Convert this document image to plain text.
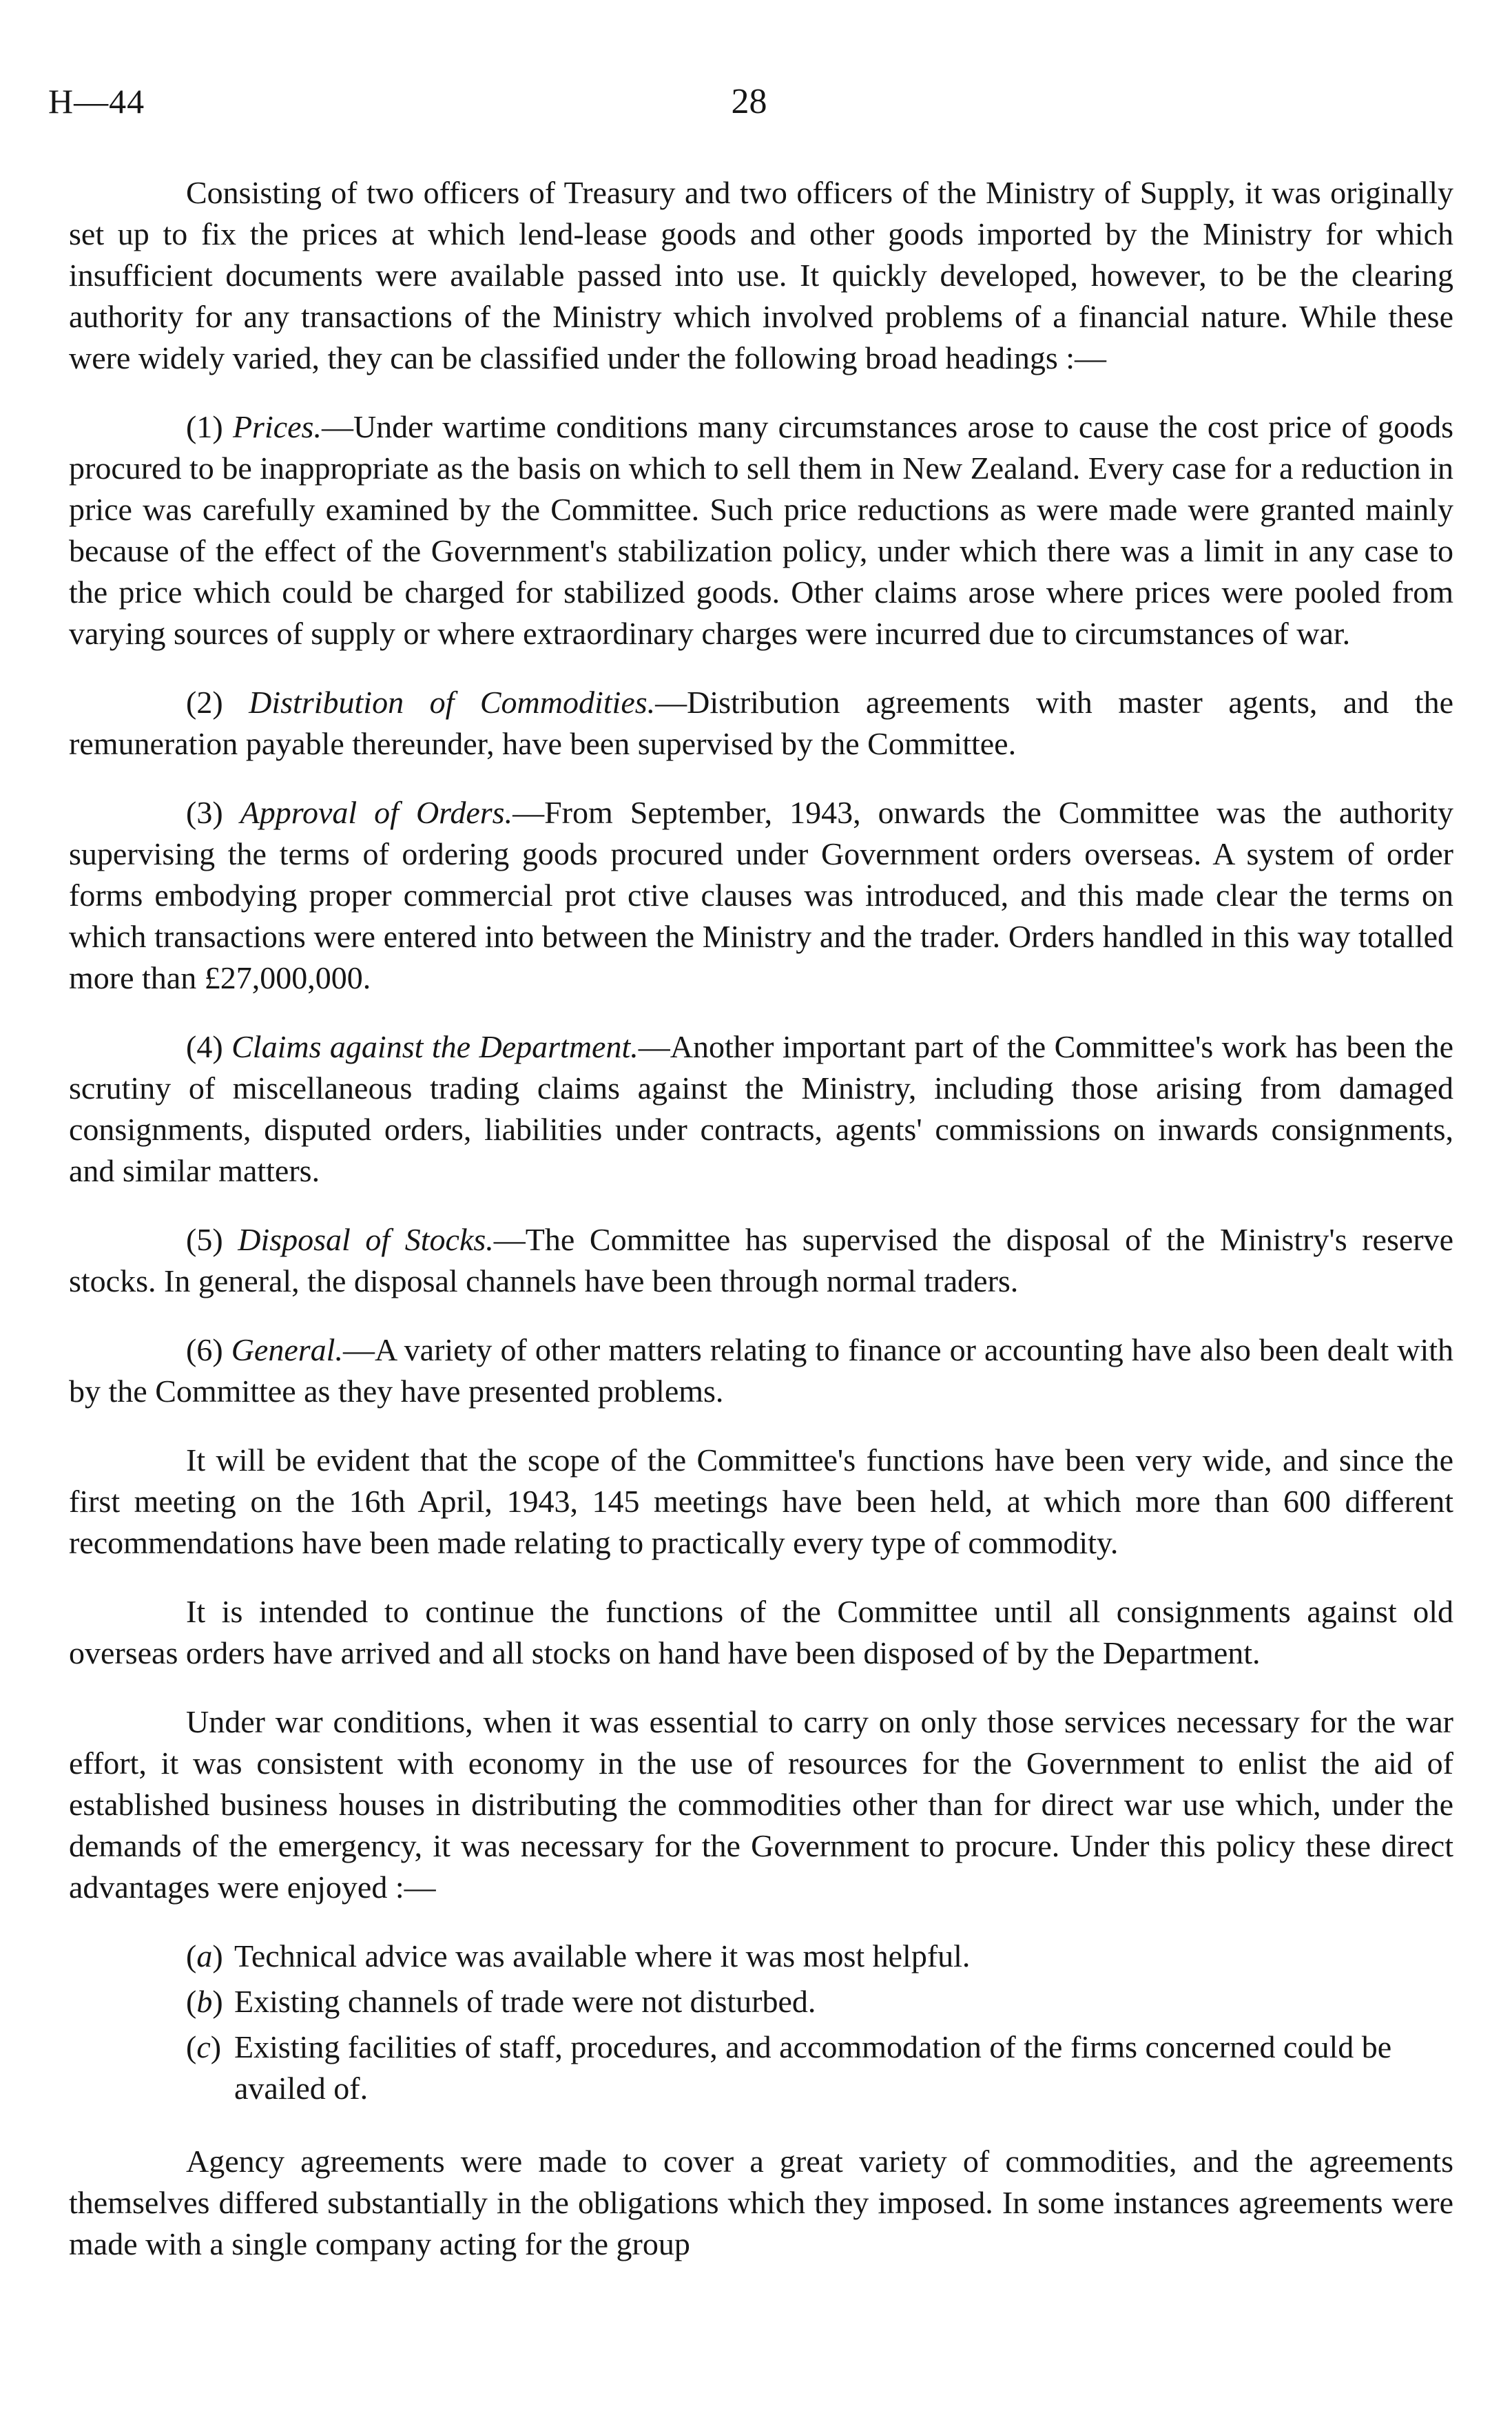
H—44	28

Consisting of two officers of Treasury and two officers of the Ministry of Supply, it was originally set up to fix the prices at which lend-lease goods and other goods imported by the Ministry for which insufficient documents were available passed into use. It quickly developed, however, to be the clearing authority for any transactions of the Ministry which involved problems of a financial nature. While these were widely varied, they can be classified under the following broad headings :—

(1) Prices.—Under wartime conditions many circumstances arose to cause the cost price of goods procured to be inappropriate as the basis on which to sell them in New Zealand. Every case for a reduction in price was carefully examined by the Committee. Such price reductions as were made were granted mainly because of the effect of the Government's stabilization policy, under which there was a limit in any case to the price which could be charged for stabilized goods. Other claims arose where prices were pooled from varying sources of supply or where extraordinary charges were incurred due to circumstances of war.

(2) Distribution of Commodities.—Distribution agreements with master agents, and the remuneration payable thereunder, have been supervised by the Committee.

(3) Approval of Orders.—From September, 1943, onwards the Committee was the authority supervising the terms of ordering goods procured under Government orders overseas. A system of order forms embodying proper commercial prot ctive clauses was introduced, and this made clear the terms on which transactions were entered into between the Ministry and the trader. Orders handled in this way totalled more than £27,000,000.

(4) Claims against the Department.—Another important part of the Committee's work has been the scrutiny of miscellaneous trading claims against the Ministry, including those arising from damaged consignments, disputed orders, liabilities under contracts, agents' commissions on inwards consignments, and similar matters.

(5) Disposal of Stocks.—The Committee has supervised the disposal of the Ministry's reserve stocks. In general, the disposal channels have been through normal traders.

(6) General.—A variety of other matters relating to finance or accounting have also been dealt with by the Committee as they have presented problems.

It will be evident that the scope of the Committee's functions have been very wide, and since the first meeting on the 16th April, 1943, 145 meetings have been held, at which more than 600 different recommendations have been made relating to practically every type of commodity.

It is intended to continue the functions of the Committee until all consignments against old overseas orders have arrived and all stocks on hand have been disposed of by the Department.

Under war conditions, when it was essential to carry on only those services necessary for the war effort, it was consistent with economy in the use of resources for the Government to enlist the aid of established business houses in distributing the commodities other than for direct war use which, under the demands of the emergency, it was necessary for the Government to procure. Under this policy these direct advantages were enjoyed :—

(a) Technical advice was available where it was most helpful.
(b) Existing channels of trade were not disturbed.
(c) Existing facilities of staff, procedures, and accommodation of the firms concerned could be availed of.

Agency agreements were made to cover a great variety of commodities, and the agreements themselves differed substantially in the obligations which they imposed. In some instances agreements were made with a single company acting for the group
